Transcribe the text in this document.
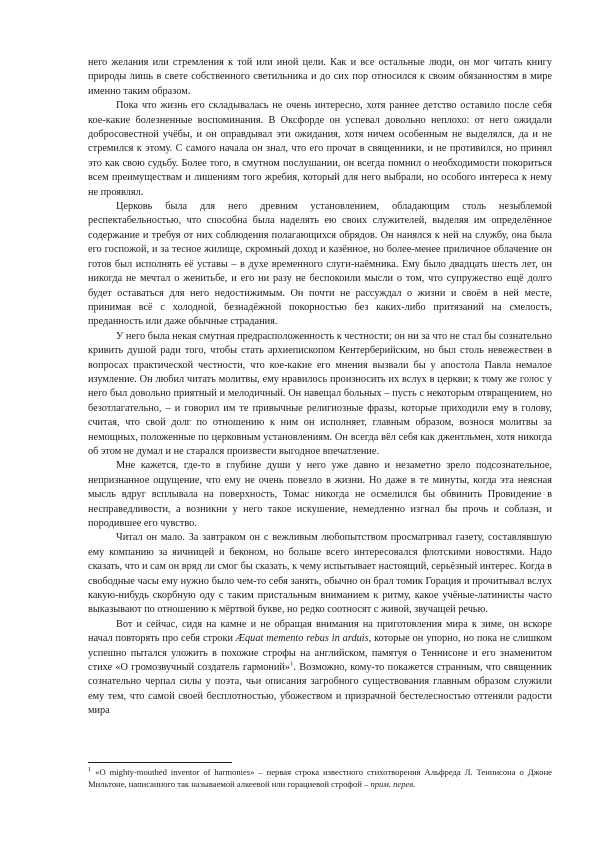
него желания или стремления к той или иной цели. Как и все остальные люди, он мог читать книгу природы лишь в свете собственного светильника и до сих пор относился к своим обязанностям в мире именно таким образом.

Пока что жизнь его складывалась не очень интересно, хотя раннее детство оставило после себя кое-какие болезненные воспоминания. В Оксфорде он успевал довольно неплохо: от него ожидали добросовестной учёбы, и он оправдывал эти ожидания, хотя ничем особенным не выделялся, да и не стремился к этому. С самого начала он знал, что его прочат в священники, и не противился, но принял это как свою судьбу. Более того, в смутном послушании, он всегда помнил о необходимости покориться всем преимуществам и лишениям того жребия, который для него выбрали, но особого интереса к нему не проявлял.

Церковь была для него древним установлением, обладающим столь незыблемой респектабельностью, что способна была наделять ею своих служителей, выделяя им определённое содержание и требуя от них соблюдения полагающихся обрядов. Он нанялся к ней на службу, она была его госпожой, и за тесное жилище, скромный доход и казённое, но более-менее приличное облачение он готов был исполнять её уставы – в духе временного слуги-наёмника. Ему было двадцать шесть лет, он никогда не мечтал о женитьбе, и его ни разу не беспокоили мысли о том, что супружество ещё долго будет оставаться для него недостижимым. Он почти не рассуждал о жизни и своём в ней месте, принимая всё с холодной, безнадёжной покорностью без каких-либо притязаний на смелость, преданность или даже обычные страдания.

У него была некая смутная предрасположенность к честности; он ни за что не стал бы сознательно кривить душой ради того, чтобы стать архиепископом Кентерберийским, но был столь невежествен в вопросах практической честности, что кое-какие его мнения вызвали бы у апостола Павла немалое изумление. Он любил читать молитвы, ему нравилось произносить их вслух в церкви; к тому же голос у него был довольно приятный и мелодичный. Он навещал больных – пусть с некоторым отвращением, но безотлагательно, – и говорил им те привычные религиозные фразы, которые приходили ему в голову, считая, что свой долг по отношению к ним он исполняет, главным образом, вознося молитвы за немощных, положенные по церковным установлениям. Он всегда вёл себя как джентльмен, хотя никогда об этом не думал и не старался произвести выгодное впечатление.

Мне кажется, где-то в глубине души у него уже давно и незаметно зрело подсознательное, непризнанное ощущение, что ему не очень повезло в жизни. Но даже в те минуты, когда эта неясная мысль вдруг всплывала на поверхность, Томас никогда не осмелился бы обвинить Провидение в несправедливости, а возникни у него такое искушение, немедленно изгнал бы прочь и соблазн, и породившее его чувство.

Читал он мало. За завтраком он с вежливым любопытством просматривал газету, составлявшую ему компанию за яичницей и беконом, но больше всего интересовался флотскими новостями. Надо сказать, что и сам он вряд ли смог бы сказать, к чему испытывает настоящий, серьёзный интерес. Когда в свободные часы ему нужно было чем-то себя занять, обычно он брал томик Горация и прочитывал вслух какую-нибудь скорбную оду с таким пристальным вниманием к ритму, какое учёные-латинисты часто выказывают по отношению к мёртвой букве, но редко соотносят с живой, звучащей речью.

Вот и сейчас, сидя на камне и не обращая внимания на приготовления мира к зиме, он вскоре начал повторять про себя строки Æquat memento rebus in arduis, которые он упорно, но пока не слишком успешно пытался уложить в похожие строфы на английском, памятуя о Теннисоне и его знаменитом стихе «О громозвучный создатель гармоний»$^1$. Возможно, кому-то покажется странным, что священник сознательно черпал силы у поэта, чьи описания загробного существования главным образом служили ему тем, что самой своей бесплотностью, убожеством и призрачной бестелесностью оттеняли радости мира

$^1$ «O mighty-mouthed inventor of harmonies» – первая строка известного стихотворения Альфреда Л. Теннисона о Джоне Мильтоне, написанного так называемой алкеевой или горациевой строфой – прим. перев.
